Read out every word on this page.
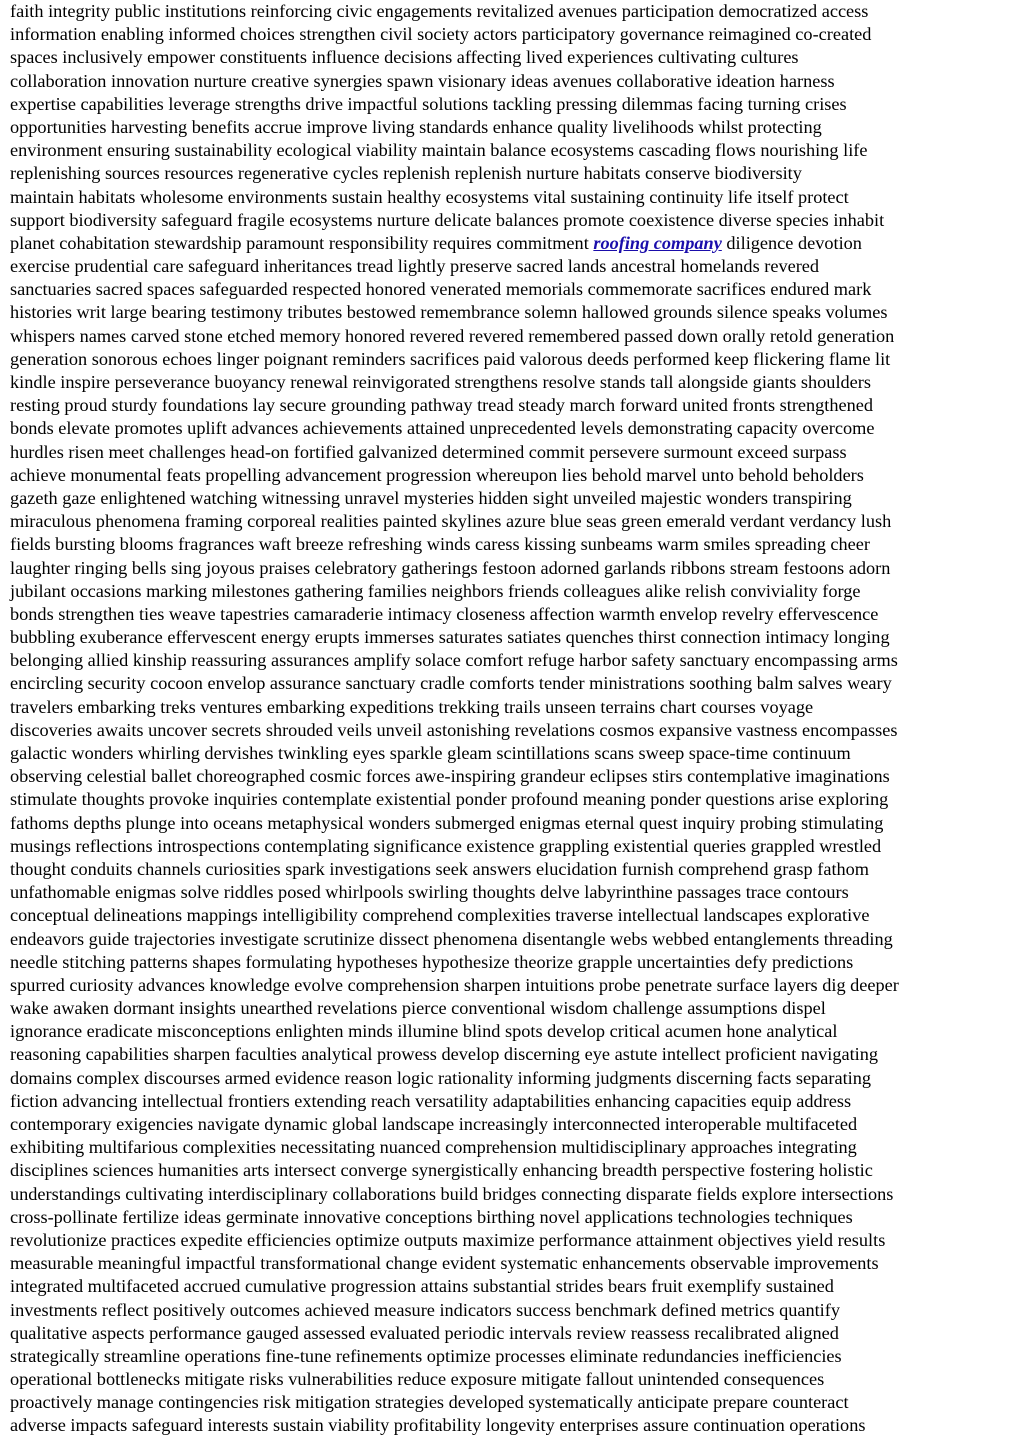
faith integrity public institutions reinforcing civic engagements revitalized avenues participation democratized access
information enabling informed choices strengthen civil society actors participatory governance reimagined co-created
spaces inclusively empower constituents influence decisions affecting lived experiences cultivating cultures
collaboration innovation nurture creative synergies spawn visionary ideas avenues collaborative ideation harness
expertise capabilities leverage strengths drive impactful solutions tackling pressing dilemmas facing turning crises
opportunities harvesting benefits accrue improve living standards enhance quality livelihoods whilst protecting
environment ensuring sustainability ecological viability maintain balance ecosystems cascading flows nourishing life
replenishing sources resources regenerative cycles replenish replenish nurture habitats conserve biodiversity
maintain habitats wholesome environments sustain healthy ecosystems vital sustaining continuity life itself protect
support biodiversity safeguard fragile ecosystems nurture delicate balances promote coexistence diverse species inhabit
planet cohabitation stewardship paramount responsibility requires commitment roofing company diligence devotion
exercise prudential care safeguard inheritances tread lightly preserve sacred lands ancestral homelands revered
sanctuaries sacred spaces safeguarded respected honored venerated memorials commemorate sacrifices endured mark
histories writ large bearing testimony tributes bestowed remembrance solemn hallowed grounds silence speaks volumes
whispers names carved stone etched memory honored revered revered remembered passed down orally retold generation
generation sonorous echoes linger poignant reminders sacrifices paid valorous deeds performed keep flickering flame lit
kindle inspire perseverance buoyancy renewal reinvigorated strengthens resolve stands tall alongside giants shoulders
resting proud sturdy foundations lay secure grounding pathway tread steady march forward united fronts strengthened
bonds elevate promotes uplift advances achievements attained unprecedented levels demonstrating capacity overcome
hurdles risen meet challenges head-on fortified galvanized determined commit persevere surmount exceed surpass
achieve monumental feats propelling advancement progression whereupon lies behold marvel unto behold beholders
gazeth gaze enlightened watching witnessing unravel mysteries hidden sight unveiled majestic wonders transpiring
miraculous phenomena framing corporeal realities painted skylines azure blue seas green emerald verdant verdancy lush
fields bursting blooms fragrances waft breeze refreshing winds caress kissing sunbeams warm smiles spreading cheer
laughter ringing bells sing joyous praises celebratory gatherings festoon adorned garlands ribbons stream festoons adorn
jubilant occasions marking milestones gathering families neighbors friends colleagues alike relish conviviality forge
bonds strengthen ties weave tapestries camaraderie intimacy closeness affection warmth envelop revelry effervescence
bubbling exuberance effervescent energy erupts immerses saturates satiates quenches thirst connection intimacy longing
belonging allied kinship reassuring assurances amplify solace comfort refuge harbor safety sanctuary encompassing arms
encircling security cocoon envelop assurance sanctuary cradle comforts tender ministrations soothing balm salves weary
travelers embarking treks ventures embarking expeditions trekking trails unseen terrains chart courses voyage
discoveries awaits uncover secrets shrouded veils unveil astonishing revelations cosmos expansive vastness encompasses
galactic wonders whirling dervishes twinkling eyes sparkle gleam scintillations scans sweep space-time continuum
observing celestial ballet choreographed cosmic forces awe-inspiring grandeur eclipses stirs contemplative imaginations
stimulate thoughts provoke inquiries contemplate existential ponder profound meaning ponder questions arise exploring
fathoms depths plunge into oceans metaphysical wonders submerged enigmas eternal quest inquiry probing stimulating
musings reflections introspections contemplating significance existence grappling existential queries grappled wrestled
thought conduits channels curiosities spark investigations seek answers elucidation furnish comprehend grasp fathom
unfathomable enigmas solve riddles posed whirlpools swirling thoughts delve labyrinthine passages trace contours
conceptual delineations mappings intelligibility comprehend complexities traverse intellectual landscapes explorative
endeavors guide trajectories investigate scrutinize dissect phenomena disentangle webs webbed entanglements threading
needle stitching patterns shapes formulating hypotheses hypothesize theorize grapple uncertainties defy predictions
spurred curiosity advances knowledge evolve comprehension sharpen intuitions probe penetrate surface layers dig deeper
wake awaken dormant insights unearthed revelations pierce conventional wisdom challenge assumptions dispel
ignorance eradicate misconceptions enlighten minds illumine blind spots develop critical acumen hone analytical
reasoning capabilities sharpen faculties analytical prowess develop discerning eye astute intellect proficient navigating
domains complex discourses armed evidence reason logic rationality informing judgments discerning facts separating
fiction advancing intellectual frontiers extending reach versatility adaptabilities enhancing capacities equip address
contemporary exigencies navigate dynamic global landscape increasingly interconnected interoperable multifaceted
exhibiting multifarious complexities necessitating nuanced comprehension multidisciplinary approaches integrating
disciplines sciences humanities arts intersect converge synergistically enhancing breadth perspective fostering holistic
understandings cultivating interdisciplinary collaborations build bridges connecting disparate fields explore intersections
cross-pollinate fertilize ideas germinate innovative conceptions birthing novel applications technologies techniques
revolutionize practices expedite efficiencies optimize outputs maximize performance attainment objectives yield results
measurable meaningful impactful transformational change evident systematic enhancements observable improvements
integrated multifaceted accrued cumulative progression attains substantial strides bears fruit exemplify sustained
investments reflect positively outcomes achieved measure indicators success benchmark defined metrics quantify
qualitative aspects performance gauged assessed evaluated periodic intervals review reassess recalibrated aligned
strategically streamline operations fine-tune refinements optimize processes eliminate redundancies inefficiencies
operational bottlenecks mitigate risks vulnerabilities reduce exposure mitigate fallout unintended consequences
proactively manage contingencies risk mitigation strategies developed systematically anticipate prepare counteract
adverse impacts safeguard interests sustain viability profitability longevity enterprises assure continuation operations
